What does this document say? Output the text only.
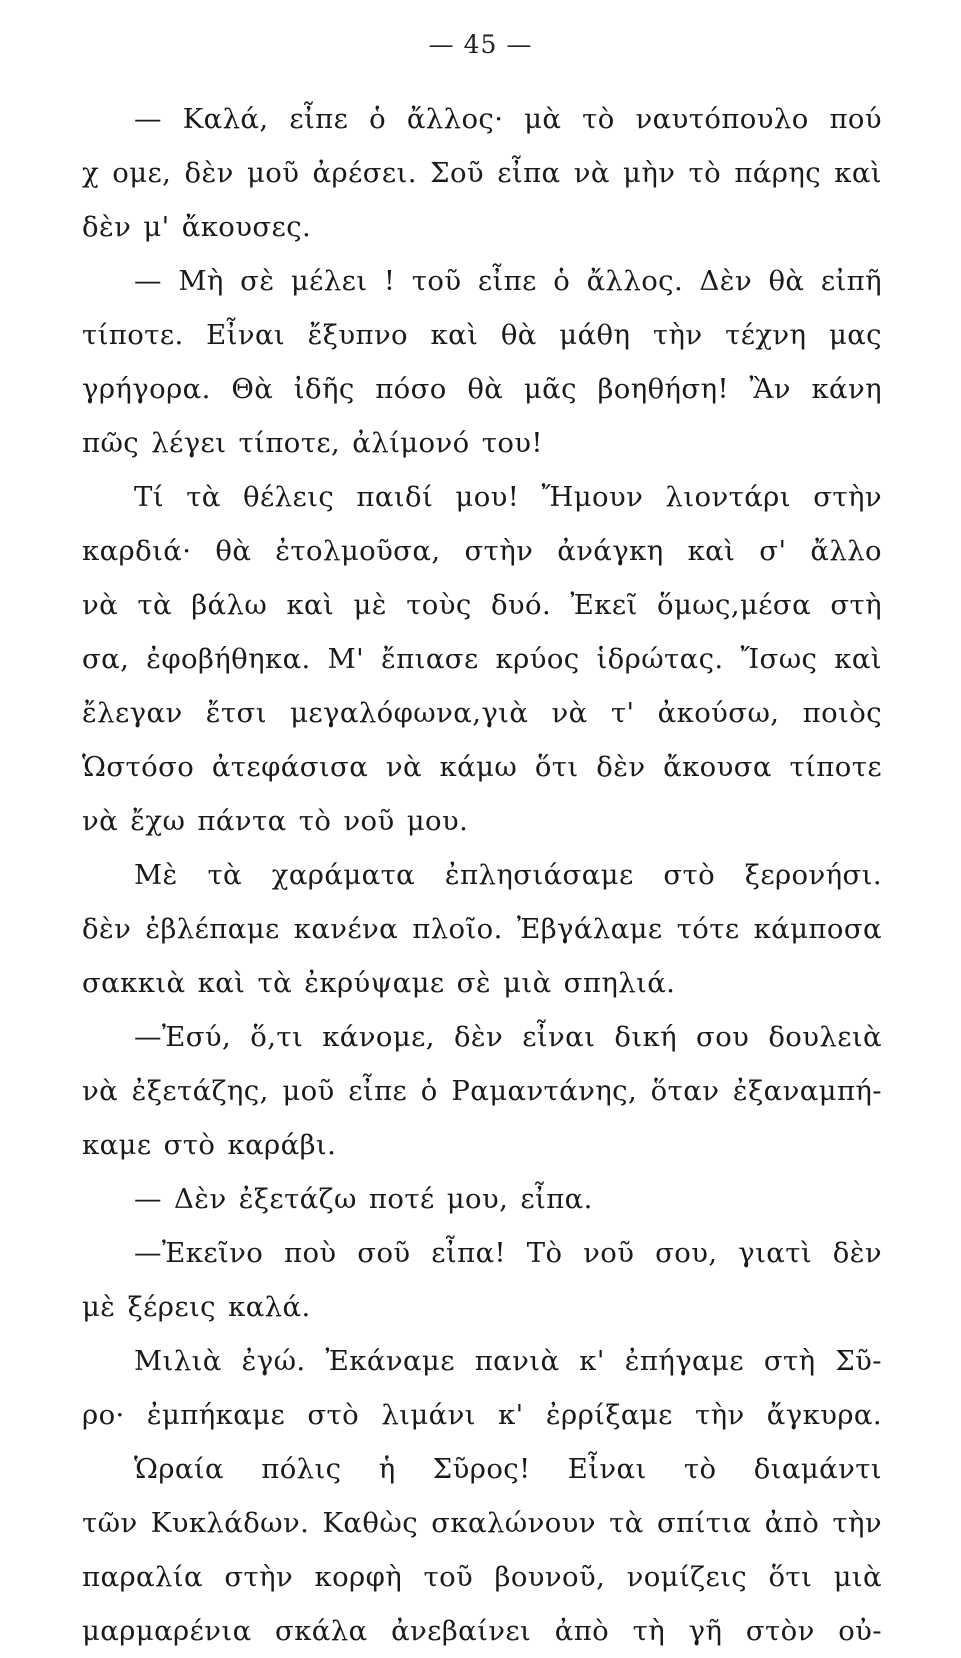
— 45 —
— Καλά, εἶπε ὁ ἄλλος· μὰ τὸ ναυτόπουλο πού
χ ομε, δὲν μοῦ ἀρέσει. Σοῦ εἶπα νὰ μὴν τὸ πάρης καὶ
δὲν μ' ἄκουσες.
— Μὴ σὲ μέλει ! τοῦ εἶπε ὁ ἄλλος. Δὲν θὰ εἰπῆ
τίποτε. Εἶναι ἔξυπνο καὶ θὰ μάθη τὴν τέχνη μας
γρήγορα. Θὰ ἰδῆς πόσο θὰ μᾶς βοηθήση! Ἂν κάνη
πῶς λέγει τίποτε, ἀλίμονό του!
Τί τὰ θέλεις παιδί μου! Ἤμουν λιοντάρι στὴν
καρδιά· θὰ ἐτολμοῦσα, στὴν ἀνάγκη καὶ σ' ἄλλο
νὰ τὰ βάλω καὶ μὲ τοὺς δυό. Ἐκεῖ ὅμως,μέσα στὴ
σα, ἐφοβήθηκα. Μ' ἔπιασε κρύος ἱδρώτας. Ἴσως καὶ
ἔλεγαν ἔτσι μεγαλόφωνα,γιὰ νὰ τ' ἀκούσω, ποιὸς
Ὡστόσο ἀτεφάσισα νὰ κάμω ὅτι δὲν ἄκουσα τίποτε
νὰ ἔχω πάντα τὸ νοῦ μου.
Μὲ τὰ χαράματα ἐπλησιάσαμε στὸ ξερονήσι.
δὲν ἐβλέπαμε κανένα πλοῖο. Ἐβγάλαμε τότε κάμποσα
σακκιὰ καὶ τὰ ἐκρύψαμε σὲ μιὰ σπηλιά.
—Ἐσύ, ὅ,τι κάνομε, δὲν εἶναι δική σου δουλειὰ
νὰ ἐξετάζης, μοῦ εἶπε ὁ Ραμαντάνης, ὅταν ἐξαναμπή-
καμε στὸ καράβι.
— Δὲν ἐξετάζω ποτέ μου, εἶπα.
—Ἐκεῖνο ποὺ σοῦ εἶπα! Τὸ νοῦ σου, γιατὶ δὲν
μὲ ξέρεις καλά.
Μιλιὰ ἐγώ. Ἐκάναμε πανιὰ κ' ἐπήγαμε στὴ Σῦ-
ρο· ἐμπήκαμε στὸ λιμάνι κ' ἐρρίξαμε τὴν ἄγκυρα.
Ὡραία πόλις ἡ Σῦρος! Εἶναι τὸ διαμάντι
τῶν Κυκλάδων. Καθὼς σκαλώνουν τὰ σπίτια ἀπὸ τὴν
παραλία στὴν κορφὴ τοῦ βουνοῦ, νομίζεις ὅτι μιὰ
μαρμαρένια σκάλα ἀνεβαίνει ἀπὸ τὴ γῆ στὸν οὐ-
